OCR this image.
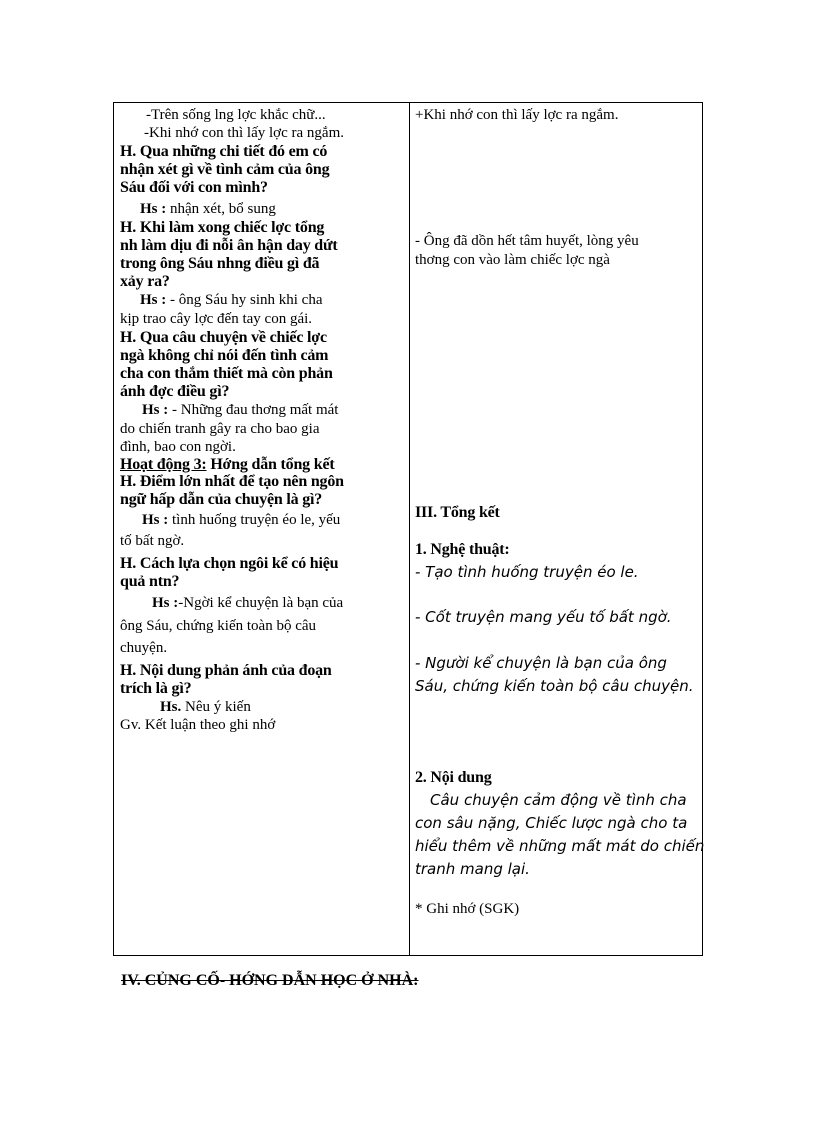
-Trên sống lng lợc khắc chữ...
-Khi nhớ con thì lấy lợc ra ngắm.
H. Qua những chi tiết đó em có
nhận xét gì về tình cảm của ông
Sáu đối với con mình?
Hs : nhận xét, bổ sung
H. Khi làm xong chiếc lợc tổng
nh làm dịu đi nỗi ân hận day dứt
trong ông Sáu nhng điều gì đã
xảy ra?
Hs : - ông Sáu hy sinh khi cha
kịp trao cây lợc đến tay con gái.
H. Qua câu chuyện về chiếc lợc
ngà không chỉ nói đến tình cảm
cha con thắm thiết mà còn phản
ánh đợc điều gì?
Hs : - Những đau thơng mất mát
do chiến tranh gây ra cho bao gia
đình, bao con ngời.
Hoạt động 3: Hớng dẫn tổng kết
H. Điểm lớn nhất để tạo nên ngôn
ngữ hấp dẫn của chuyện là gì?
Hs : tình huống truyện éo le, yếu
tố bất ngờ.
H. Cách lựa chọn ngôi kể có hiệu
quả ntn?
Hs :-Ngời kể chuyện là bạn của
ông Sáu, chứng kiến toàn bộ câu
chuyện.
H. Nội dung phản ánh của đoạn
trích là gì?
Hs. Nêu ý kiến
Gv. Kết luận theo ghi nhớ
+Khi nhớ con thì lấy lợc ra ngắm.
- Ông đã dồn hết tâm huyết, lòng yêu
thơng con vào làm chiếc lợc ngà
III. Tổng kết
1. Nghệ thuật:
- Tạo tình huống truyện éo le.
- Cốt truyện mang yếu tố bất ngờ.
- Người kể chuyện là bạn của ông
Sáu, chứng kiến toàn bộ câu chuyện.
2. Nội dung
Câu chuyện cảm động về tình cha
con sâu nặng, Chiếc lược ngà cho ta
hiểu thêm về những mất mát do chiến
tranh mang lại.
* Ghi nhớ (SGK)
IV. CỦNG CỐ- HỚNG DẪN HỌC Ở NHÀ:
